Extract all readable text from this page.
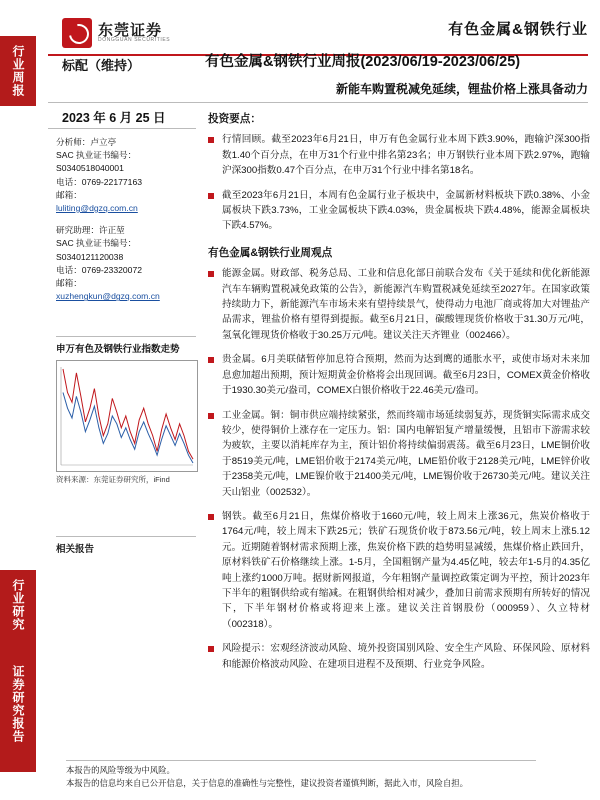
行业周报
行业研究
证券研究报告
东莞证券
DONGGUAN SECURITIES
有色金属&钢铁行业
标配（维持）	有色金属&钢铁行业周报(2023/06/19-2023/06/25)
新能车购置税减免延续，锂盐价格上涨具备动力
2023 年 6 月 25 日
分析师：卢立亭
SAC 执业证书编号：
S0340518040001
电话：0769-22177163
邮箱：
luliting@dgzq.com.cn
研究助理：许正堃
SAC 执业证书编号：
S0340121120038
电话：0769-23320072
邮箱：
xuzhengkun@dgzq.com.cn
申万有色及钢铁行业指数走势
资料来源：东莞证券研究所，iFind
相关报告
投资要点：
行情回顾。截至2023年6月21日，申万有色金属行业本周下跌3.90%，跑输沪深300指数1.40个百分点，在申万31个行业中排名第23名；申万钢铁行业本周下跌2.97%，跑输沪深300指数0.47个百分点，在申万31个行业中排名第18名。
截至2023年6月21日，本周有色金属行业子板块中，金属新材料板块下跌0.38%、小金属板块下跌3.73%，工业金属板块下跌4.03%，贵金属板块下跌4.48%，能源金属板块下跌4.57%。
有色金属&钢铁行业周观点
能源金属。财政部、税务总局、工业和信息化部日前联合发布《关于延续和优化新能源汽车车辆购置税减免政策的公告》，新能源汽车购置税减免延续至2027年。在国家政策持续助力下，新能源汽车市场未来有望持续景气，使得动力电池厂商或将加大对锂盐产品需求，锂盐价格有望得到提振。截至6月21日，碳酸锂现货价格收于31.30万元/吨，氢氧化锂现货价格收于30.25万元/吨。建议关注天齐锂业（002466）。
贵金属。6月美联储暂停加息符合预期，然而为达到鹰的通胀水平，或使市场对未来加息愈加超出预期，预计短期黄金价格将会出现回调。截至6月23日，COMEX黄金价格收于1930.30美元/盎司，COMEX白银价格收于22.46美元/盎司。
工业金属。铜：铜市供应端持续紧张，然而终端市场延续弱复苏，现货铜实际需求成交较少，使得铜价上涨存在一定压力。铝：国内电解铝复产增量缓慢，且铝市下游需求较为疲软，主要以消耗库存为主，预计铝价将持续偏弱震荡。截至6月23日，LME铜价收于8519美元/吨，LME铝价收于2174美元/吨，LME铅价收于2128美元/吨，LME锌价收于2358美元/吨，LME镍价收于21400美元/吨，LME锡价收于26730美元/吨。建议关注天山铝业（002532）。
钢铁。截至6月21日，焦煤价格收于1660元/吨，较上周末上涨36元，焦炭价格收于1764元/吨，较上周末下跌25元；铁矿石现货价收于873.56元/吨，较上周末上涨5.12元。近期随着钢材需求预期上涨，焦炭价格下跌的趋势明显减缓，焦煤价格止跌回升，原材料铁矿石价格继续上涨。1-5月，全国粗钢产量为4.45亿吨，较去年1-5月的4.35亿吨上涨约1000万吨。据财新网报道，今年粗钢产量调控政策定调为平控，预计2023年下半年的粗钢供给或有缩减。在粗钢供给相对减少，叠加日前需求预期有所转好的情况下，下半年钢材价格或将迎来上涨。建议关注首钢股份（000959）、久立特材（002318）。
风险提示：宏观经济波动风险、境外投资国别风险、安全生产风险、环保风险、原材料和能源价格波动风险、在建项目进程不及预期、行业竞争风险。
本报告的风险等级为中风险。
本报告的信息均来自已公开信息，关于信息的准确性与完整性，建议投资者谨慎判断，据此入市，风险自担。
